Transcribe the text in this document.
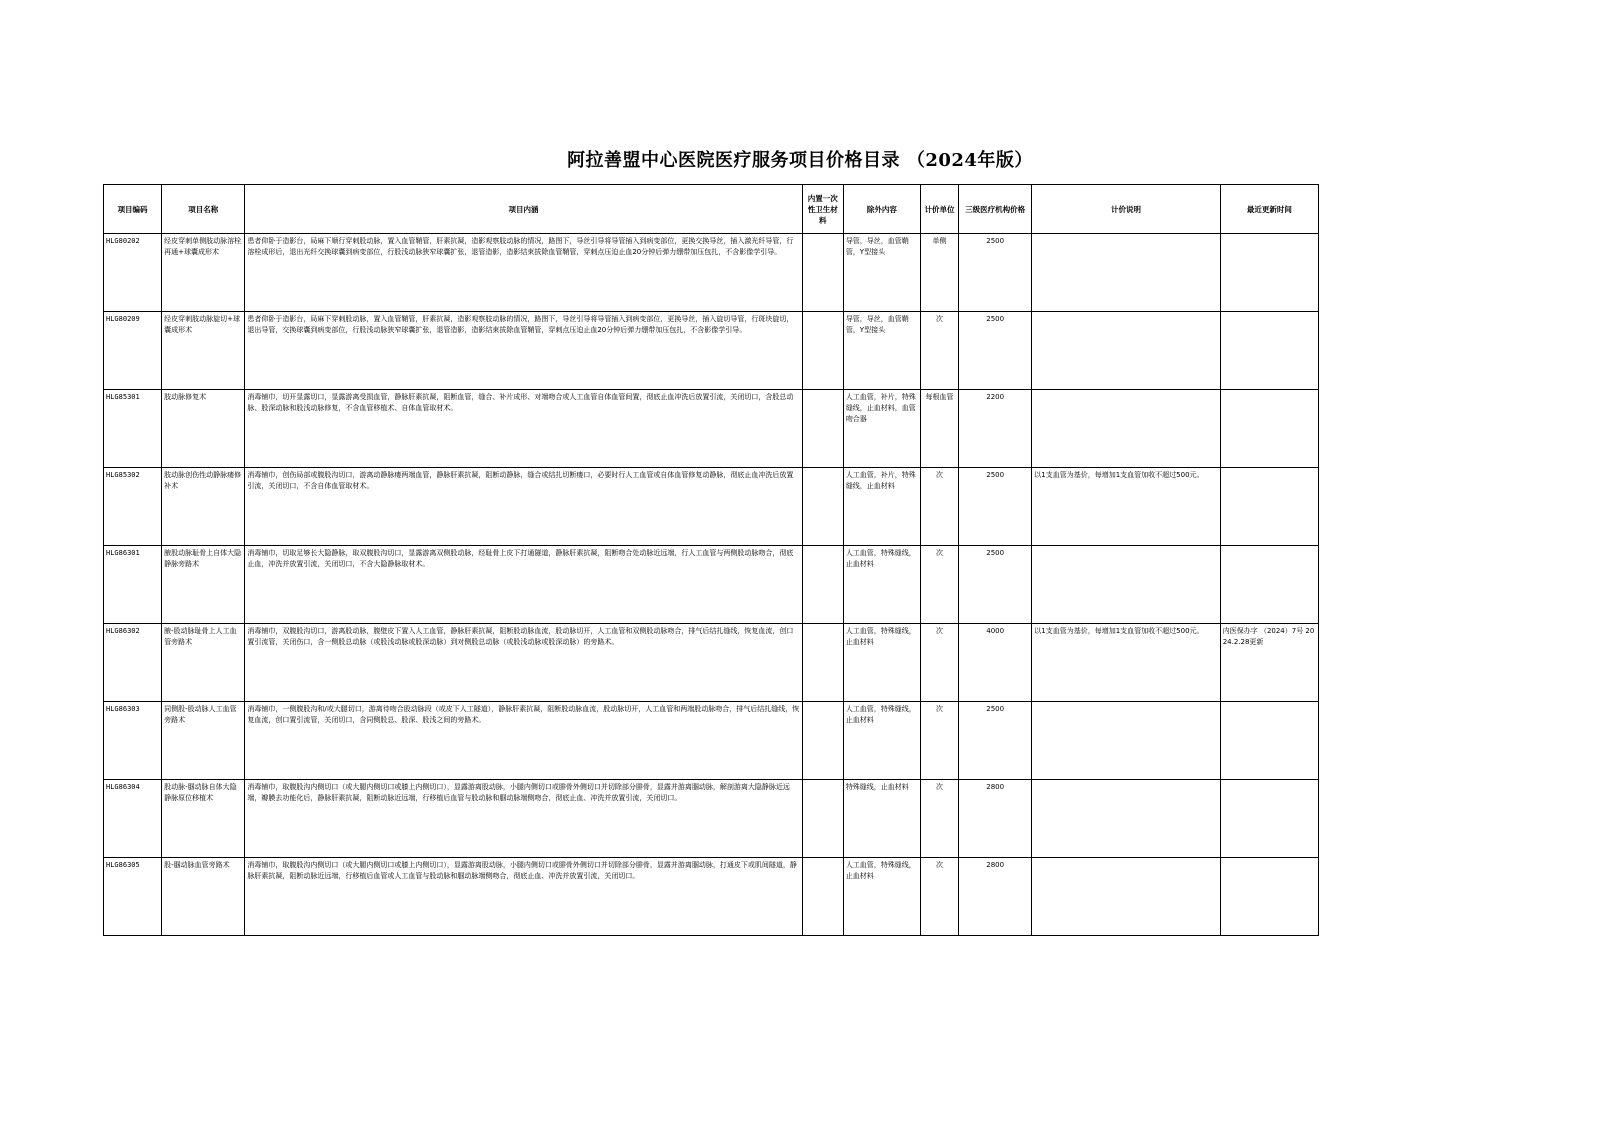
阿拉善盟中心医院医疗服务项目价格目录 （2024年版）
项目编码	项目名称	项目内涵	内置一次性卫生材料	除外内容	计价单位	三级医疗机构价格	计价说明	最近更新时间
HLG80202	经皮穿刺单侧肢动脉溶栓再通+球囊成形术	患者仰卧于造影台，局麻下顺行穿刺股动脉，置入血管鞘管，肝素抗凝，造影观察肢动脉的情况，路图下，导丝引导将导管插入到病变部位，更换交换导丝，插入激光纤导管，行溶栓成形后，退出光纤交换球囊到病变部位，行股浅动脉狭窄球囊扩张，退管造影，造影结束拔除血管鞘管，穿刺点压迫止血20分钟后弹力绷带加压包扎，不含影像学引导。		导管，导丝，血管鞘管，Y型接头	单侧	2500		
HLG80209	经皮穿刺肢动脉旋切+球囊成形术	患者仰卧于造影台，局麻下穿刺股动脉，置入血管鞘管，肝素抗凝，造影观察肢动脉的情况，路图下，导丝引导将导管插入到病变部位，更换导丝，插入旋切导管，行斑块旋切，退出导管，交换球囊到病变部位，行股浅动脉狭窄球囊扩张，退管造影，造影结束拔除血管鞘管，穿刺点压迫止血20分钟后弹力绷带加压包扎，不含影像学引导。		导管，导丝，血管鞘管，Y型接头	次	2500		
HLG85301	肢动脉修复术	消毒铺巾，切开显露切口，显露游离受损血管，静脉肝素抗凝，阻断血管，缝合、补片成形、对端吻合或人工血管自体血管间置，彻底止血冲洗后放置引流，关闭切口，含股总动脉、股深动脉和股浅动脉修复，不含血管移植术、自体血管取材术。		人工血管，补片，特殊缝线，止血材料，血管吻合器	每根血管	2200		
HLG85302	肢动脉创伤性动静脉瘘修补术	消毒铺巾，创伤局部或腹股沟切口，游离动静脉瘘两端血管，静脉肝素抗凝，阻断动静脉，缝合或结扎切断瘘口，必要时行人工血管或自体血管修复动静脉，彻底止血冲洗后放置引流，关闭切口，不含自体血管取材术。		人工血管，补片，特殊缝线，止血材料	次	2500	以1支血管为基价，每增加1支血管加收不超过500元。	
HLG86301	腋股动脉耻骨上自体大隐静脉旁路术	消毒铺巾，切取足够长大隐静脉，取双腹股沟切口，显露游离双侧股动脉，经耻骨上皮下打通隧道，静脉肝素抗凝，阻断吻合处动脉近远端，行人工血管与两侧股动脉吻合，彻底止血，冲洗并放置引流，关闭切口，不含大隐静脉取材术。		人工血管，特殊缝线，止血材料	次	2500		
HLG86302	腋-股动脉耻骨上人工血管旁路术	消毒铺巾，双腹股沟切口，游离股动脉，腹壁皮下置入人工血管，静脉肝素抗凝，阻断股动脉血流，股动脉切开，人工血管和双侧股动脉吻合，排气后结扎缝线，恢复血流，创口置引流管，关闭伤口，含一侧股总动脉（或股浅动脉或股深动脉）到对侧股总动脉（或股浅动脉或股深动脉）的旁路术。		人工血管，特殊缝线，止血材料	次	4000	以1支血管为基价，每增加1支血管加收不超过500元。	内医保办字 （2024）7号 2024.2.28更新
HLG86303	同侧股-股动脉人工血管旁路术	消毒铺巾，一侧腹股沟和/或大腿切口，游离待吻合股动脉段（或皮下人工隧道），静脉肝素抗凝，阻断股动脉血流，股动脉切开，人工血管和两端股动脉吻合，排气后结扎缝线，恢复血流，创口置引流管，关闭切口，含同侧股总、股深、股浅之间的旁路术。		人工血管，特殊缝线，止血材料	次	2500		
HLG86304	股动脉-腘动脉自体大隐静脉原位移植术	消毒铺巾，取腹股沟内侧切口（或大腿内侧切口或膝上内侧切口），显露游离股动脉，小腿内侧切口或腓骨外侧切口并切除部分腓骨，显露并游离腘动脉，解剖游离大隐静脉近远端，瓣膜去功能化后，静脉肝素抗凝，阻断动脉近远端，行移植后血管与股动脉和腘动脉端侧吻合，彻底止血、冲洗并放置引流，关闭切口。		特殊缝线，止血材料	次	2800		
HLG86305	股-腘动脉血管旁路术	消毒铺巾，取腹股沟内侧切口（或大腿内侧切口或膝上内侧切口），显露游离股动脉，小腿内侧切口或腓骨外侧切口并切除部分腓骨，显露并游离腘动脉，打通皮下或肌间隧道，静脉肝素抗凝，阻断动脉近远端，行移植后血管或人工血管与股动脉和腘动脉端侧吻合，彻底止血、冲洗并放置引流，关闭切口。		人工血管，特殊缝线，止血材料	次	2800		
